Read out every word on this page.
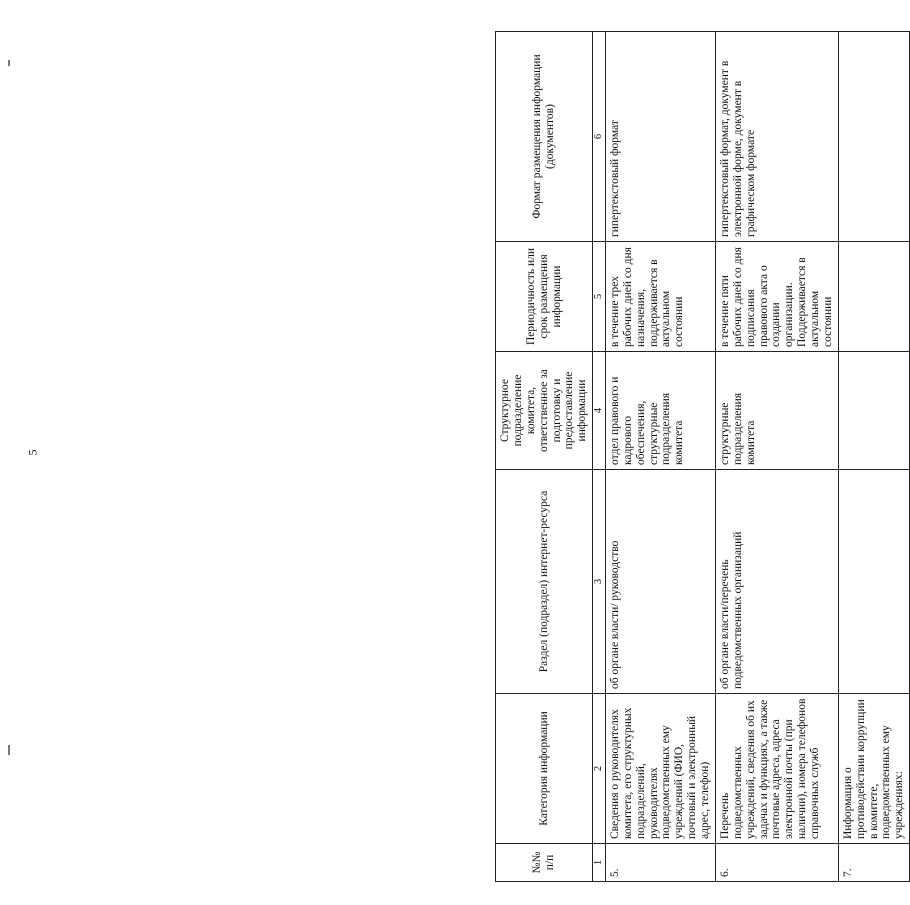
5
№№ п/п	Категория информации	Раздел (подраздел) интернет-ресурса	Структурное подразделение комитета, ответственное за подготовку и предоставление информации	Периодичность или срок размещения информации	Формат размещения информации (документов)
1	2	3	4	5	6
5.	Сведения о руководителях комитета, его структурных подразделений, руководителях подведомственных ему учреждений (ФИО, почтовый и электронный адрес, телефон)	об органе власти/ руководство	отдел правового и кадрового обеспечения, структурные подразделения комитета	в течение трех рабочих дней со дня назначения, поддерживается в актуальном состоянии	гипертекстовый формат
6.	Перечень подведомственных учреждений, сведения об их задачах и функциях, а также почтовые адреса, адреса электронной почты (при наличии), номера телефонов справочных служб	об органе власти/перечень подведомственных организаций	структурные подразделения комитета	в течение пяти рабочих дней со дня подписания правового акта о создании организации. Поддерживается в актуальном состоянии	гипертекстовый формат, документ в электронной форме, документ в графическом формате
7.	Информация о противодействии коррупции в комитете, подведомственных ему учреждениях:				
